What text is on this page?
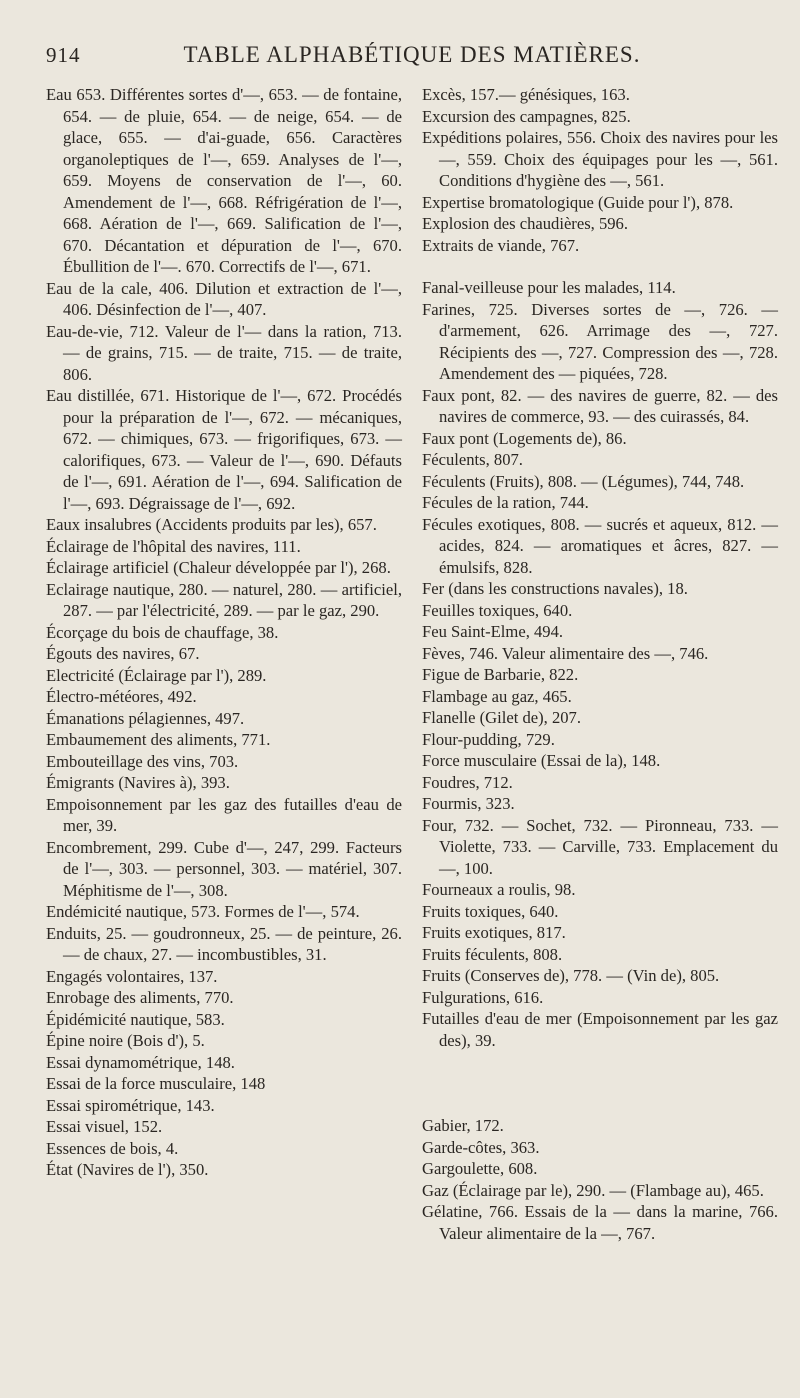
914	TABLE ALPHABÉTIQUE DES MATIÈRES.

Eau 653. Différentes sortes d'—, 653. — de fontaine, 654. — de pluie, 654. — de neige, 654. — de glace, 655. — d'ai-guade, 656. Caractères organoleptiques de l'—, 659. Analyses de l'—, 659. Moyens de conservation de l'—, 60. Amendement de l'—, 668. Réfrigération de l'—, 668. Aération de l'—, 669. Salification de l'—, 670. Décantation et dépuration de l'—, 670. Ébullition de l'—. 670. Correctifs de l'—, 671.

Eau de la cale, 406. Dilution et extraction de l'—, 406. Désinfection de l'—, 407.

Eau-de-vie, 712. Valeur de l'— dans la ration, 713. — de grains, 715. — de traite, 715. — de traite, 806.

Eau distillée, 671. Historique de l'—, 672. Procédés pour la préparation de l'—, 672. — mécaniques, 672. — chimiques, 673. — frigorifiques, 673. — calorifiques, 673. — Valeur de l'—, 690. Défauts de l'—, 691. Aération de l'—, 694. Salification de l'—, 693. Dégraissage de l'—, 692.

Eaux insalubres (Accidents produits par les), 657.

Éclairage de l'hôpital des navires, 111.

Éclairage artificiel (Chaleur développée par l'), 268.

Eclairage nautique, 280. — naturel, 280. — artificiel, 287. — par l'électricité, 289. — par le gaz, 290.

Écorçage du bois de chauffage, 38.

Égouts des navires, 67.

Electricité (Éclairage par l'), 289.

Électro-météores, 492.

Émanations pélagiennes, 497.

Embaumement des aliments, 771.

Embouteillage des vins, 703.

Émigrants (Navires à), 393.

Empoisonnement par les gaz des futailles d'eau de mer, 39.

Encombrement, 299. Cube d'—, 247, 299. Facteurs de l'—, 303. — personnel, 303. — matériel, 307. Méphitisme de l'—, 308.

Endémicité nautique, 573. Formes de l'—, 574.

Enduits, 25. — goudronneux, 25. — de peinture, 26. — de chaux, 27. — incombustibles, 31.

Engagés volontaires, 137.

Enrobage des aliments, 770.

Épidémicité nautique, 583.

Épine noire (Bois d'), 5.

Essai dynamométrique, 148.

Essai de la force musculaire, 148

Essai spirométrique, 143.

Essai visuel, 152.

Essences de bois, 4.

État (Navires de l'), 350.

Excès, 157.— génésiques, 163.

Excursion des campagnes, 825.

Expéditions polaires, 556. Choix des navires pour les —, 559. Choix des équipages pour les —, 561. Conditions d'hygiène des —, 561.

Expertise bromatologique (Guide pour l'), 878.

Explosion des chaudières, 596.

Extraits de viande, 767.

Fanal-veilleuse pour les malades, 114.

Farines, 725. Diverses sortes de —, 726. — d'armement, 626. Arrimage des —, 727. Récipients des —, 727. Compression des —, 728. Amendement des — piquées, 728.

Faux pont, 82. — des navires de guerre, 82. — des navires de commerce, 93. — des cuirassés, 84.

Faux pont (Logements de), 86.

Féculents, 807.

Féculents (Fruits), 808. — (Légumes), 744, 748.

Fécules de la ration, 744.

Fécules exotiques, 808. — sucrés et aqueux, 812. — acides, 824. — aromatiques et âcres, 827. — émulsifs, 828.

Fer (dans les constructions navales), 18.

Feuilles toxiques, 640.

Feu Saint-Elme, 494.

Fèves, 746. Valeur alimentaire des —, 746.

Figue de Barbarie, 822.

Flambage au gaz, 465.

Flanelle (Gilet de), 207.

Flour-pudding, 729.

Force musculaire (Essai de la), 148.

Foudres, 712.

Fourmis, 323.

Four, 732. — Sochet, 732. — Pironneau, 733. — Violette, 733. — Carville, 733. Emplacement du —, 100.

Fourneaux a roulis, 98.

Fruits toxiques, 640.

Fruits exotiques, 817.

Fruits féculents, 808.

Fruits (Conserves de), 778. — (Vin de), 805.

Fulgurations, 616.

Futailles d'eau de mer (Empoisonnement par les gaz des), 39.

Gabier, 172.

Garde-côtes, 363.

Gargoulette, 608.

Gaz (Éclairage par le), 290. — (Flambage au), 465.

Gélatine, 766. Essais de la — dans la marine, 766. Valeur alimentaire de la —, 767.
